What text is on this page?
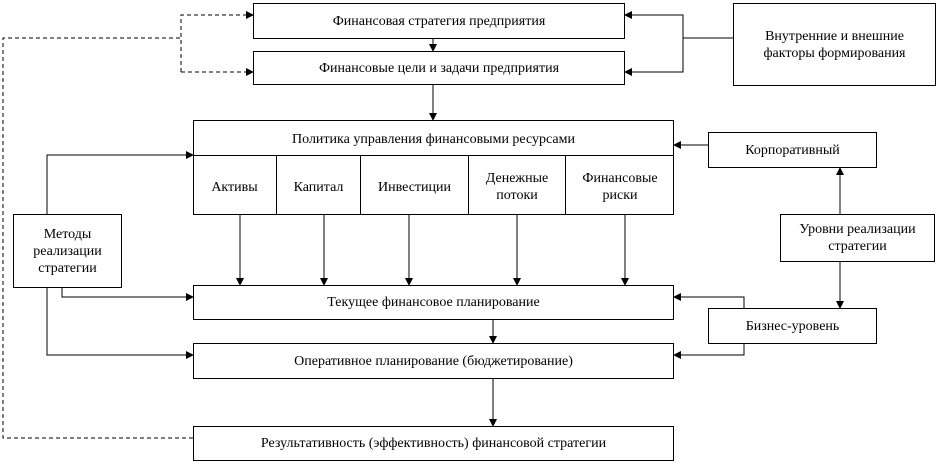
Финансовая стратегия предприятия
Финансовые цели и задачи предприятия
Внутренние и внешние
факторы формирования
Политика управления финансовыми ресурсами
Активы	Капитал Инвестиции
Денежные
потоки
Финансовые
риски
Корпоративный
Уровни реализации
стратегии
Бизнес-уровень
Методы
реализации
стратегии
Текущее финансовое планирование
Оперативное планирование (бюджетирование)
Результативность (эффективность) финансовой стратегии
